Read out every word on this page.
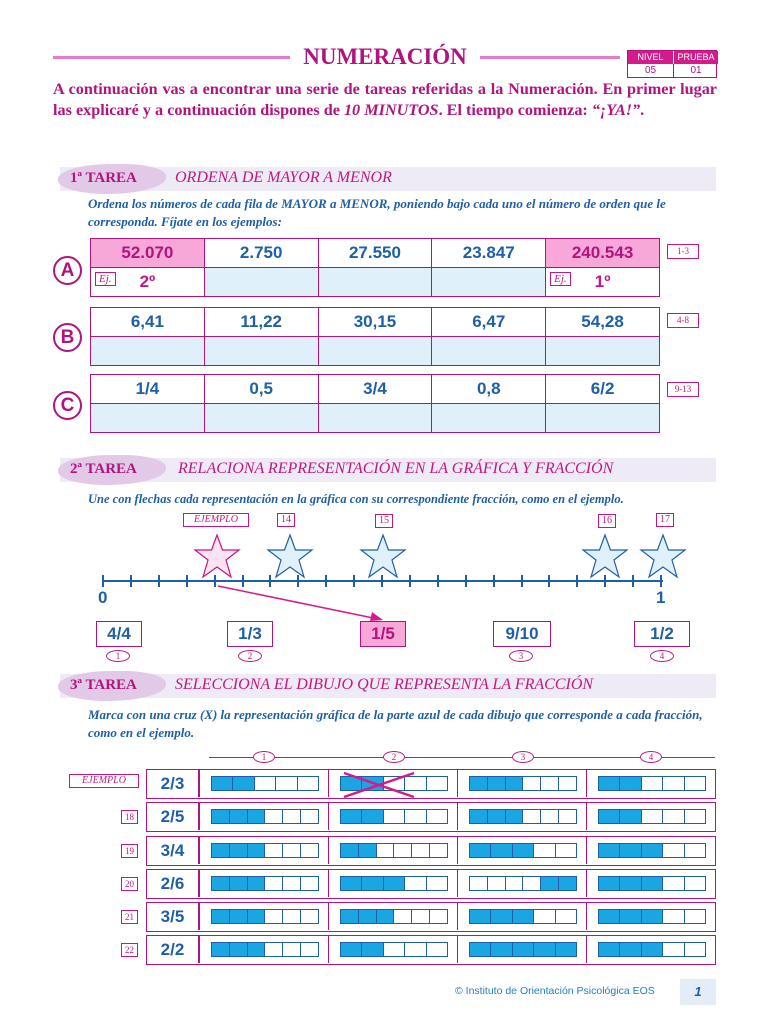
NUMERACIÓN	NIVEL	PRUEBA
05	01
A continuación vas a encontrar una serie de tareas referidas a la Numeración. En primer lugar las explicaré y a continuación dispones de 10 MINUTOS. El tiempo comienza: “¡YA!”.
1ª TAREA ORDENA DE MAYOR A MENOR
Ordena los números de cada fila de MAYOR a MENOR, poniendo bajo cada uno el número de orden que le corresponda. Fíjate en los ejemplos:
A
52.070	2.750	27.550	23.847	240.543

Ej. 2º				Ej. 1º
1-3
B
6,41	11,22	30,15	6,47	54,28
					4-8
C
1/4	0,5	3/4	0,8	6/2
					9-13
2ª TAREA	RELACIONA REPRESENTACIÓN EN LA GRÁFICA Y FRACCIÓN
Une con flechas cada representación en la gráfica con su correspondiente fracción, como en el ejemplo.
EJEMPLO	14	15	16	17
0	1
4/4	1/3	1/5	9/10	1/2
1	2	3	4
3ª TAREA SELECCIONA EL DIBUJO QUE REPRESENTA LA FRACCIÓN
Marca con una cruz (X) la representación gráfica de la parte azul de cada dibujo que corresponde a cada fracción, como en el ejemplo.
1	2	3	4
EJEMPLO	2/3
2/5
18
3/4
19
2/6
20
3/5
21
2/2
22
© Instituto de Orientación Psicológica EOS	1
